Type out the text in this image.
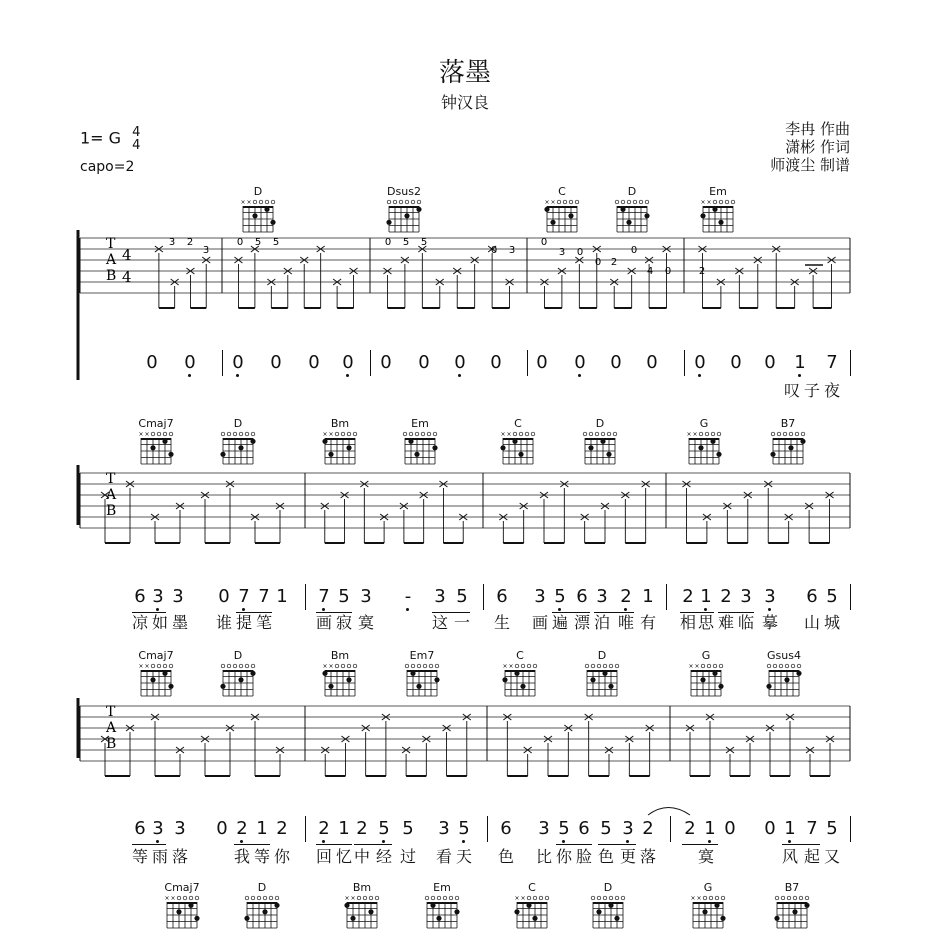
落墨
钟汉良
1= G 4
4
capo=2
李冉 作曲
潇彬 作词
师渡尘 制谱
T
A
B
4
4
T
A
B
T
A
B
3 2
3
0 5 5	0 5 5
0 3
0
3 0
0 2
0
4 0	2
D
× ×
Dsus2	C
× ×
D	Em
× ×
Cmaj7
× ×
D	Bm
× ×
Em	C
× ×
D	G
× ×
B7
Cmaj7
× ×
D	Bm
× ×
Em7	C
× ×
D	G
× ×
Gsus4
Cmaj7
× ×
D	Bm
× ×
Em	C
× ×
D	G
× ×
B7
0 0 0 0 0 0 0 0 0 0 0 0 0 0 0 0 0 1 7
6 3 3 0 7 7 1 7 5 3	-	3 5 6 3 5 6 3 2 1 2 1 2 3 3 6 5
6 3 3 0 2 1 2 2 1 2 5 5 3 5 6 3 5 6 5 3 2 2 1 0 0 1 7 5
叹 子 夜
凉 如 墨 谁 提 笔	画 寂 寞	这 一 生 画 遍 漂 泊 唯 有 相 思 难 临 摹 山 城
等 雨 落	我 等 你 回 忆 中 经 过 看 天 色 比 你 脸 色 更 落	寞	风 起 又
